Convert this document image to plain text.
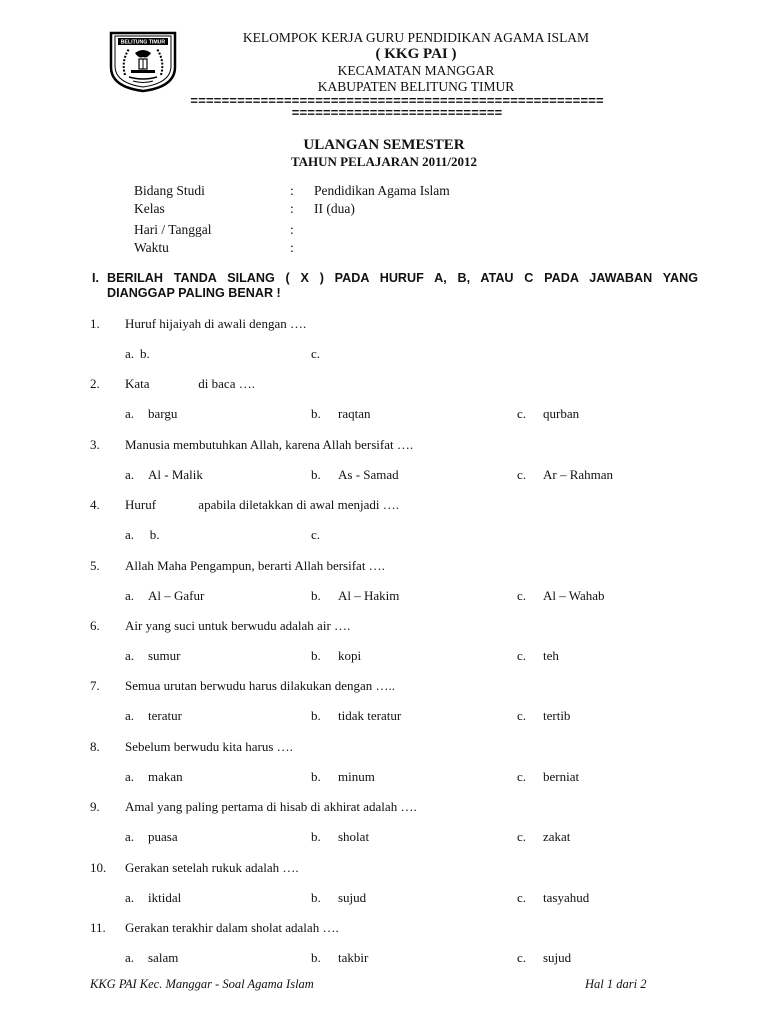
BELITUNG TIMUR	KELOMPOK KERJA GURU PENDIDIKAN AGAMA ISLAM
( KKG PAI )
KECAMATAN MANGGAR
KABUPATEN BELITUNG TIMUR
=====================================================
===========================
ULANGAN SEMESTER
TAHUN PELAJARAN 2011/2012
Bidang Studi	: Pendidikan Agama Islam
Kelas	: II (dua)
Hari / Tanggal	:
Waktu	:
I. BERILAH TANDA SILANG ( X ) PADA HURUF A, B, ATAU C PADA JAWABAN YANG
DIANGGAP PALING BENAR !
1. Huruf hijaiyah di awali dengan ….
a. b.	c.
2. Kata               di baca ….
a. bargu	b. raqtan	c. qurban
3. Manusia membutuhkan Allah, karena Allah bersifat ….
a. Al - Malik	b. As - Samad	c. Ar – Rahman
4. Huruf             apabila diletakkan di awal menjadi ….
a. b.	c.
5. Allah Maha Pengampun, berarti Allah bersifat ….
a. Al – Gafur	b. Al – Hakim	c. Al – Wahab
6. Air yang suci untuk berwudu adalah air ….
a. sumur	b. kopi	c. teh
7. Semua urutan berwudu harus dilakukan dengan …..
a. teratur	b. tidak teratur	c. tertib
8. Sebelum berwudu kita harus ….
a. makan	b. minum	c. berniat
9. Amal yang paling pertama di hisab di akhirat adalah ….
a. puasa	b. sholat	c. zakat
10. Gerakan setelah rukuk adalah ….
a. iktidal	b. sujud	c. tasyahud
11. Gerakan terakhir dalam sholat adalah ….
a. salam	b. takbir	c. sujud
KKG PAI Kec. Manggar - Soal Agama Islam	Hal 1 dari 2
